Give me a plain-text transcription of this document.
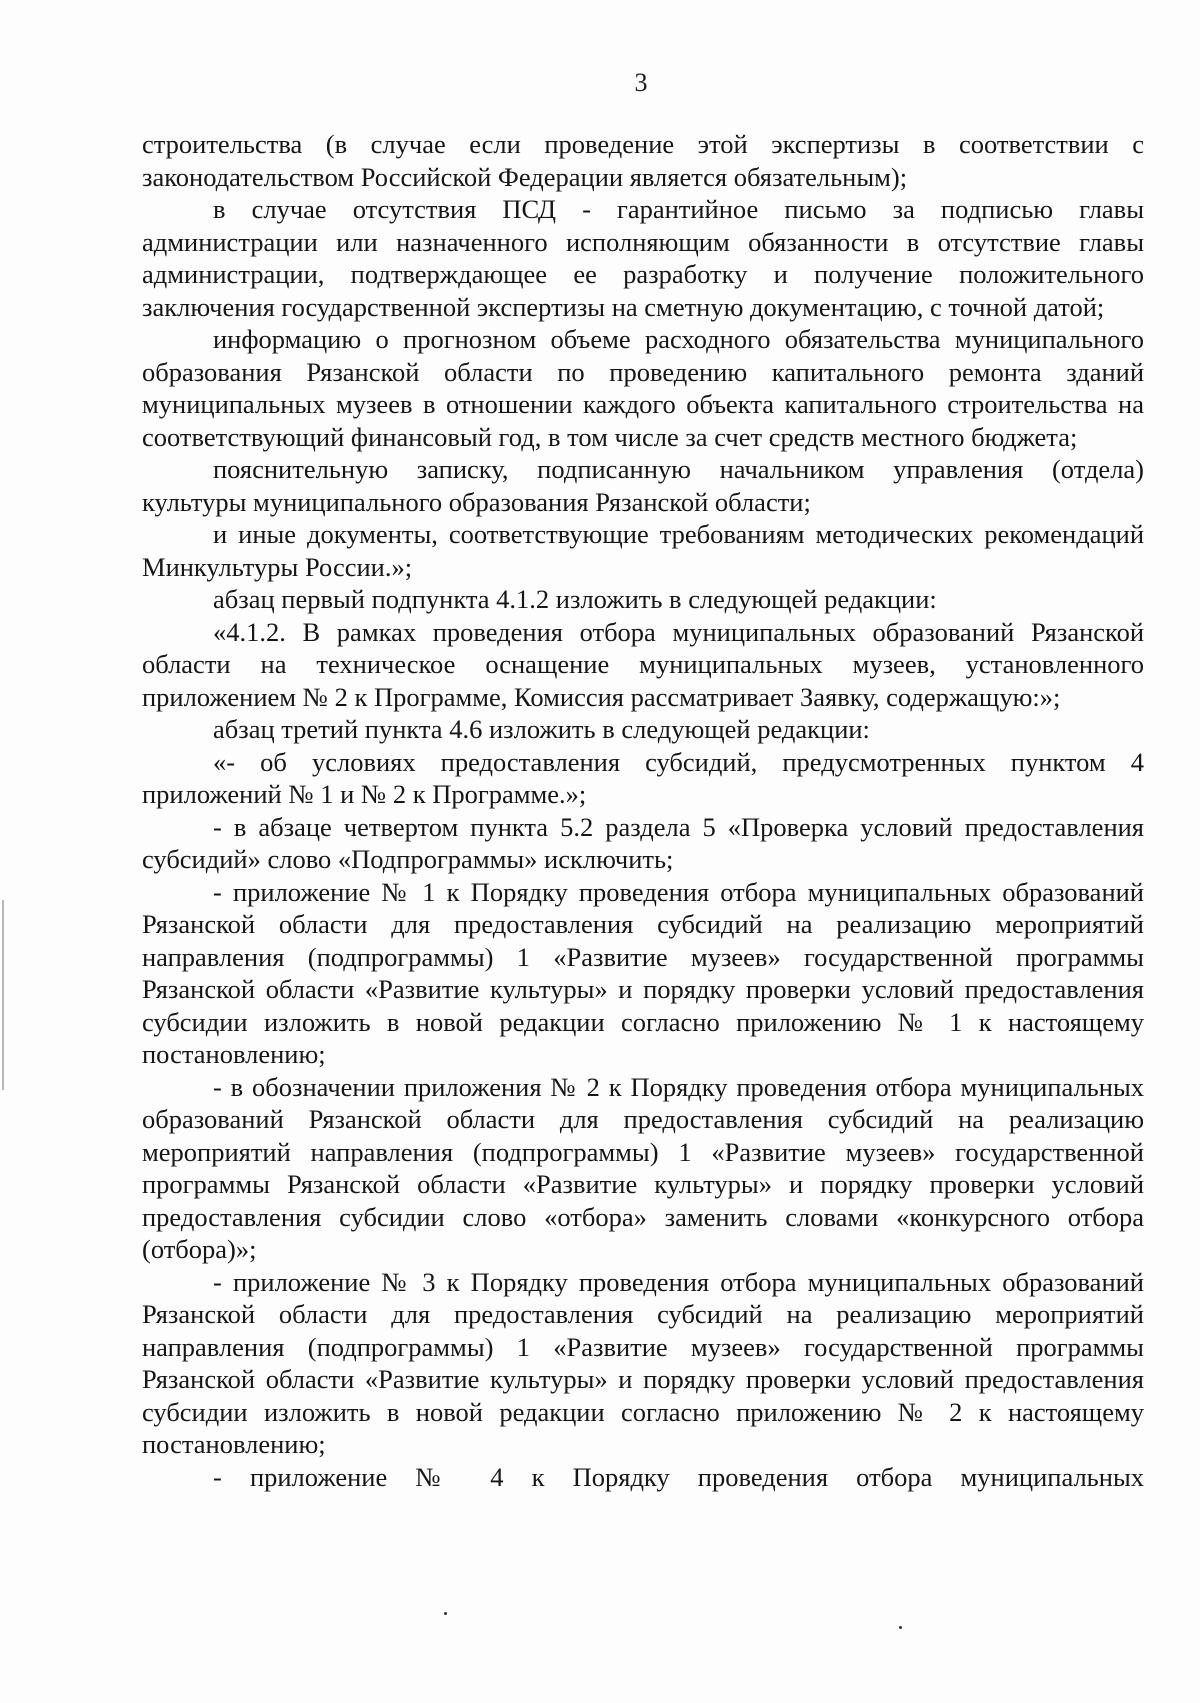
3

строительства (в случае если проведение этой экспертизы в соответствии с законодательством Российской Федерации является обязательным);

в случае отсутствия ПСД - гарантийное письмо за подписью главы администрации или назначенного исполняющим обязанности в отсутствие главы администрации, подтверждающее ее разработку и получение положительного заключения государственной экспертизы на сметную документацию, с точной датой;

информацию о прогнозном объеме расходного обязательства муниципального образования Рязанской области по проведению капитального ремонта зданий муниципальных музеев в отношении каждого объекта капитального строительства на соответствующий финансовый год, в том числе за счет средств местного бюджета;

пояснительную записку, подписанную начальником управления (отдела) культуры муниципального образования Рязанской области;

и иные документы, соответствующие требованиям методических рекомендаций Минкультуры России.»;

абзац первый подпункта 4.1.2 изложить в следующей редакции:

«4.1.2. В рамках проведения отбора муниципальных образований Рязанской области на техническое оснащение муниципальных музеев, установленного приложением № 2 к Программе, Комиссия рассматривает Заявку, содержащую:»;

абзац третий пункта 4.6 изложить в следующей редакции:

«- об условиях предоставления субсидий, предусмотренных пунктом 4 приложений № 1 и № 2 к Программе.»;

- в абзаце четвертом пункта 5.2 раздела 5 «Проверка условий предоставления субсидий» слово «Подпрограммы» исключить;

- приложение № 1 к Порядку проведения отбора муниципальных образований Рязанской области для предоставления субсидий на реализацию мероприятий направления (подпрограммы) 1 «Развитие музеев» государственной программы Рязанской области «Развитие культуры» и порядку проверки условий предоставления субсидии изложить в новой редакции согласно приложению № 1 к настоящему постановлению;

- в обозначении приложения № 2 к Порядку проведения отбора муниципальных образований Рязанской области для предоставления субсидий на реализацию мероприятий направления (подпрограммы) 1 «Развитие музеев» государственной программы Рязанской области «Развитие культуры» и порядку проверки условий предоставления субсидии слово «отбора» заменить словами «конкурсного отбора (отбора)»;

- приложение № 3 к Порядку проведения отбора муниципальных образований Рязанской области для предоставления субсидий на реализацию мероприятий направления (подпрограммы) 1 «Развитие музеев» государственной программы Рязанской области «Развитие культуры» и порядку проверки условий предоставления субсидии изложить в новой редакции согласно приложению № 2 к настоящему постановлению;

- приложение № 4 к Порядку проведения отбора муниципальных
